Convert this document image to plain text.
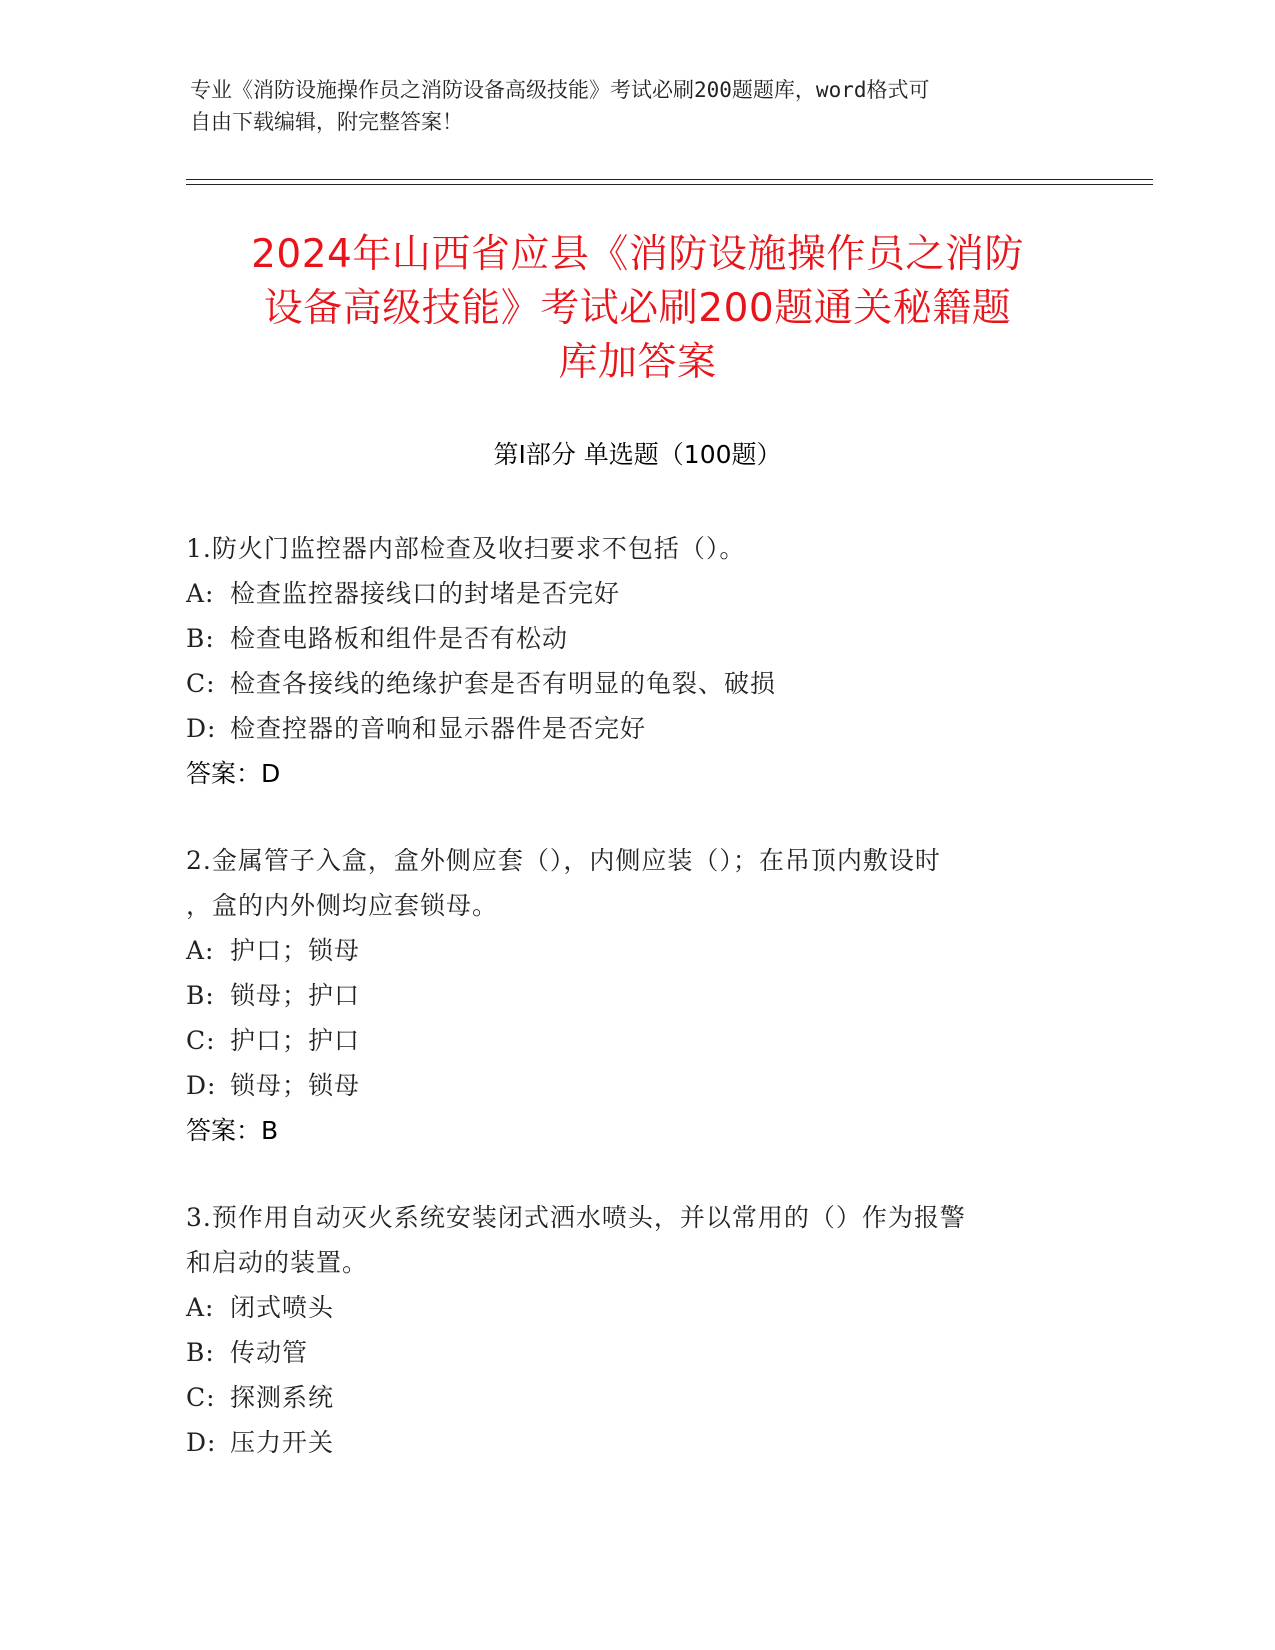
专业《消防设施操作员之消防设备高级技能》考试必刷200题题库，word格式可
自由下载编辑，附完整答案！
2024年山西省应县《消防设施操作员之消防
设备高级技能》考试必刷200题通关秘籍题
库加答案
第I部分 单选题（100题）
1.防火门监控器内部检查及收扫要求不包括（）。
A: 检查监控器接线口的封堵是否完好
B: 检查电路板和组件是否有松动
C: 检查各接线的绝缘护套是否有明显的龟裂、破损
D: 检查控器的音响和显示器件是否完好
答案：D
2.金属管子入盒，盒外侧应套（），内侧应装（）；在吊顶内敷设时
，盒的内外侧均应套锁母。
A: 护口；锁母
B: 锁母；护口
C: 护口；护口
D: 锁母；锁母
答案：B
3.预作用自动灭火系统安装闭式洒水喷头，并以常用的（）作为报警
和启动的装置。
A: 闭式喷头
B: 传动管
C: 探测系统
D: 压力开关
